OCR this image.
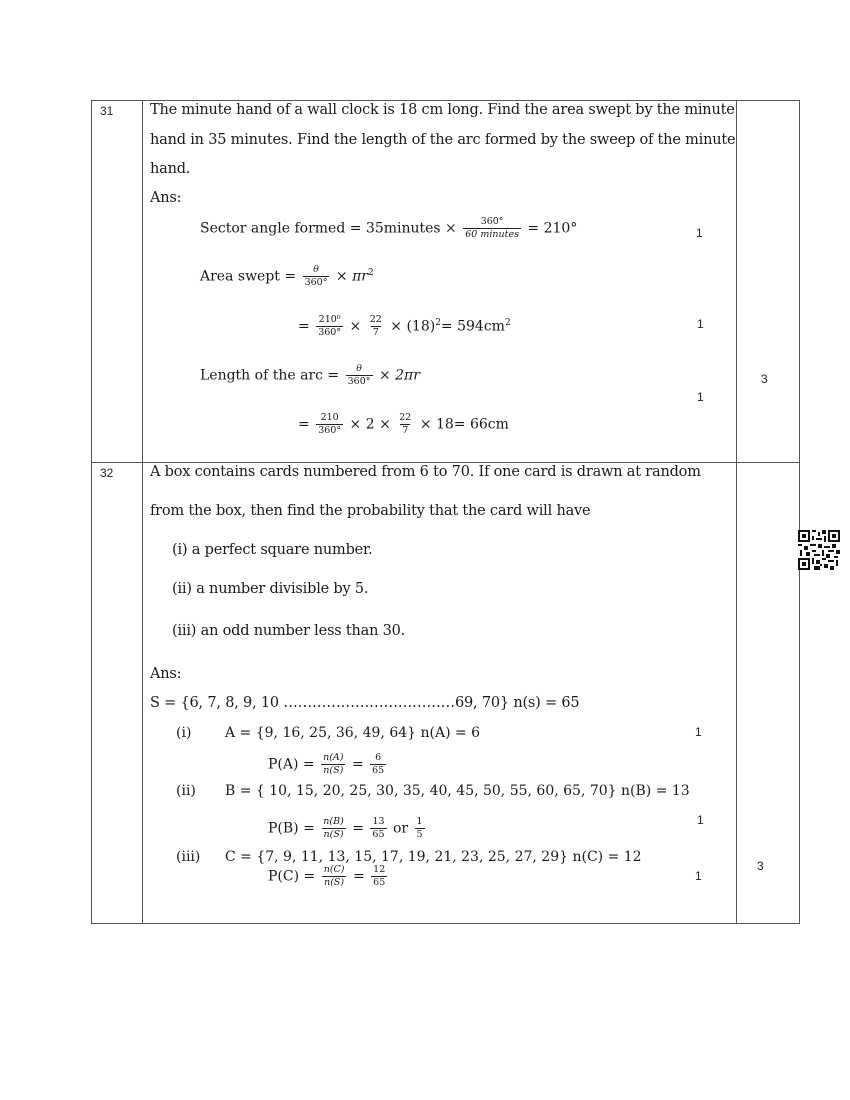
31	The minute hand of a wall clock is 18 cm long. Find the area swept by the minute
hand in 35 minutes. Find the length of the arc formed by the sweep of the minute
hand.
Ans:
Sector angle formed = 35minutes × $\frac{360^\circ}{\text{60 minutes}} = 210^\circ$
Area swept = $\frac{\theta}{360^\circ} \times \pi r^2$
= $\frac{\text{210⁰}}{360^\circ} \times \frac{22}{7} \times (18)^2= 594cm^2$
Length of the arc = $\frac{\theta}{360^\circ} \times 2\pi r$
= $\frac{210}{360^\circ} \times 2 \times \frac{22}{7} \times 18= 66cm$
1
1
1
3
32	A box contains cards numbered from 6 to 70. If one card is drawn at random
from the box, then find the probability that the card will have
(i) a perfect square number.
(ii) a number divisible by 5.
(iii) an odd number less than 30.
Ans:
S = {6, 7, 8, 9, 10 ………………………………69, 70} n(s) = 65
(i) A = {9, 16, 25, 36, 49, 64} n(A) = 6
$P(A) = \frac{n(A)}{n(S)} = \frac{6}{65}$
(ii) B = { 10, 15, 20, 25, 30, 35, 40, 45, 50, 55, 60, 65, 70} n(B) = 13
$P(B) = \frac{n(B)}{n(S)} = \frac{13}{65}$ or $\frac{1}{5}$
(iii) C = {7, 9, 11, 13, 15, 17, 19, 21, 23, 25, 27, 29} n(C) = 12
$P(C) = \frac{n(C)}{n(S)} = \frac{12}{65}$
1
1
1
3
